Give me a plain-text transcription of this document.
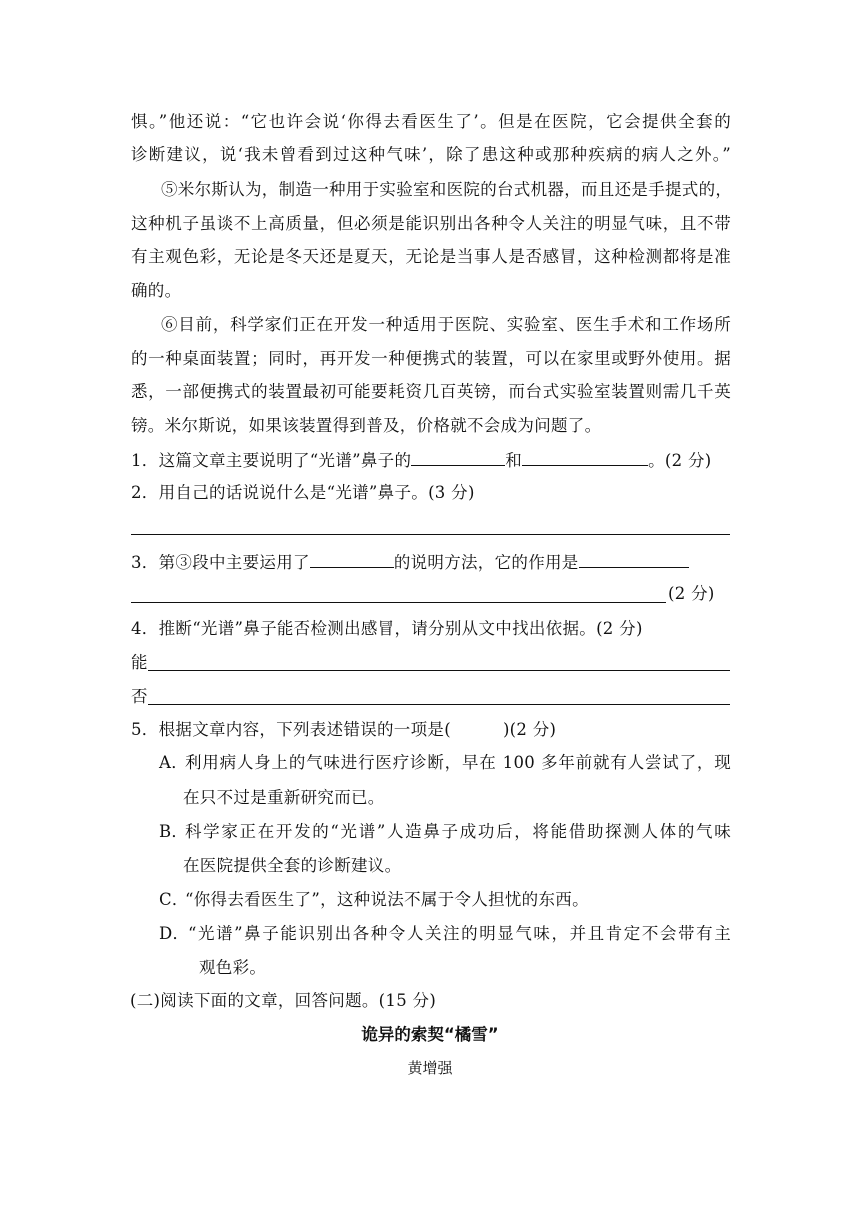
惧。”他还说：“它也许会说‘你得去看医生了’。但是在医院，它会提供全套的
诊断建议，说‘我未曾看到过这种气味’，除了患这种或那种疾病的病人之外。”
⑤米尔斯认为，制造一种用于实验室和医院的台式机器，而且还是手提式的，
这种机子虽谈不上高质量，但必须是能识别出各种令人关注的明显气味，且不带
有主观色彩，无论是冬天还是夏天，无论是当事人是否感冒，这种检测都将是准
确的。
⑥目前，科学家们正在开发一种适用于医院、实验室、医生手术和工作场所
的一种桌面装置；同时，再开发一种便携式的装置，可以在家里或野外使用。据
悉，一部便携式的装置最初可能要耗资几百英镑，而台式实验室装置则需几千英
镑。米尔斯说，如果该装置得到普及，价格就不会成为问题了。
1．这篇文章主要说明了“光谱”鼻子的	和	。(2 分)
2．用自己的话说说什么是“光谱”鼻子。(3 分)
3．第③段中主要运用了	的说明方法，它的作用是
(2 分)
4．推断“光谱”鼻子能否检测出感冒，请分别从文中找出依据。(2 分)
能
否
5．根据文章内容，下列表述错误的一项是(	)(2 分)
A．
利用病人身上的气味进行医疗诊断，早在 100 多年前就有人尝试了，现
在只不过是重新研究而已。
B．
科学家正在开发的“光谱”人造鼻子成功后，将能借助探测人体的气味
在医院提供全套的诊断建议。
C．
“你得去看医生了”，这种说法不属于令人担忧的东西。
D．
“光谱”鼻子能识别出各种令人关注的明显气味，并且肯定不会带有主
观色彩。
(二)阅读下面的文章，回答问题。(15 分)
诡异的索契“橘雪”
黄增强
